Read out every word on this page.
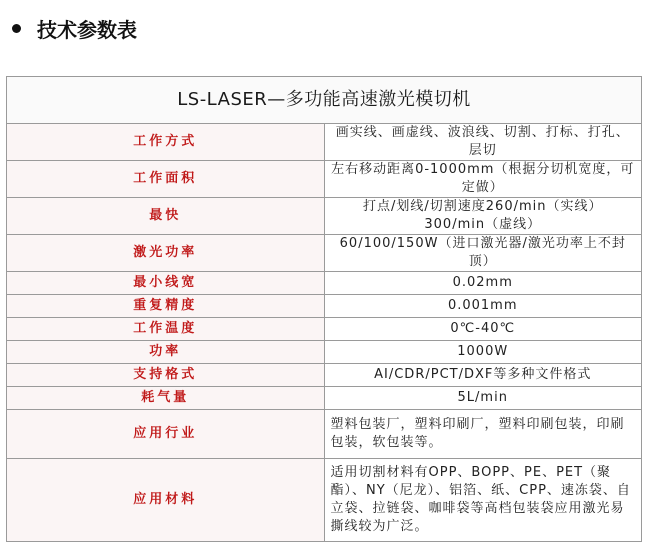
技术参数表
LS-LASER—多功能高速激光模切机	
工作方式	画实线、画虚线、波浪线、切割、打标、打孔、层切
工作面积	左右移动距离0-1000mm（根据分切机宽度，可定做）
最快	打点/划线/切割速度260/min（实线） 300/min（虚线）
激光功率	60/100/150W（进口激光器/激光功率上不封顶）
最小线宽	0.02mm
重复精度	0.001mm
工作温度	0℃-40℃
功率	1000W
支持格式	AI/CDR/PCT/DXF等多种文件格式
耗气量	5L/min
应用行业	塑料包装厂，塑料印刷厂，塑料印刷包装，印刷包装，软包装等。
应用材料	适用切割材料有OPP、BOPP、PE、PET（聚酯）、NY（尼龙）、铝箔、纸、CPP、速冻袋、自立袋、拉链袋、咖啡袋等高档包装袋应用激光易撕线较为广泛。
